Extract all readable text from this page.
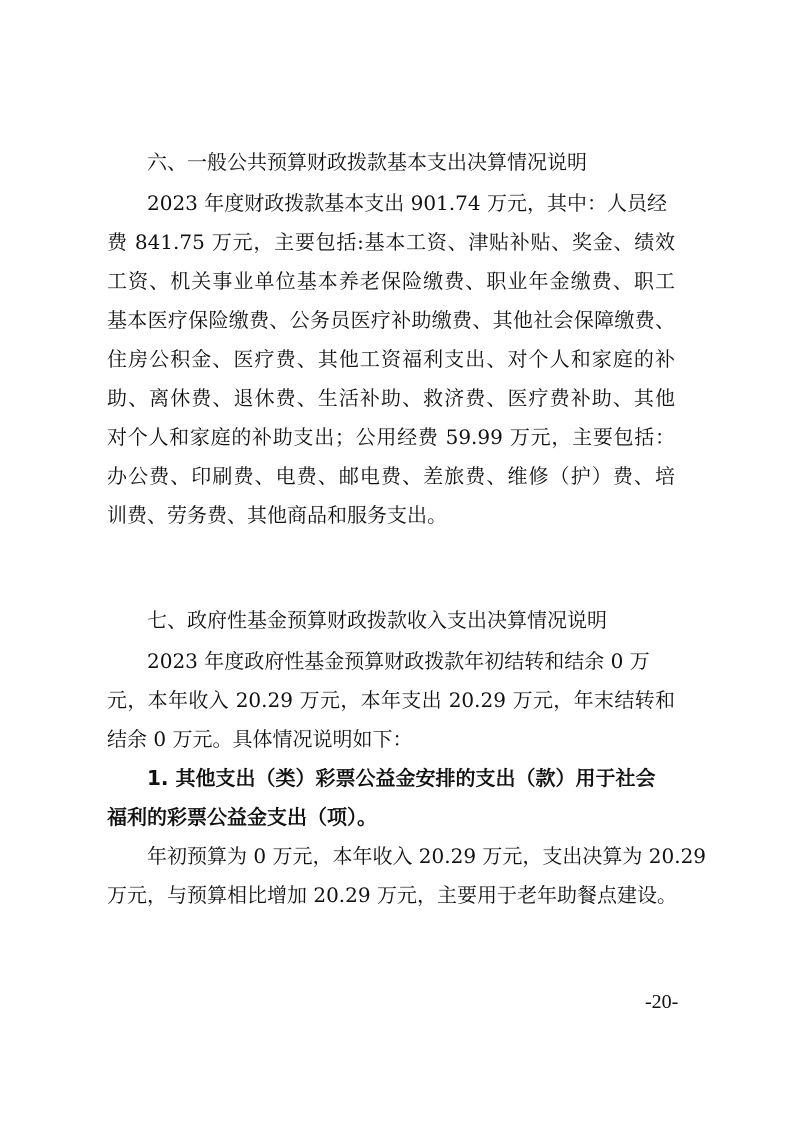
六、一般公共预算财政拨款基本支出决算情况说明
2023 年度财政拨款基本支出 901.74 万元，其中：人员经
费 841.75 万元，主要包括:基本工资、津贴补贴、奖金、绩效
工资、机关事业单位基本养老保险缴费、职业年金缴费、职工
基本医疗保险缴费、公务员医疗补助缴费、其他社会保障缴费、
住房公积金、医疗费、其他工资福利支出、对个人和家庭的补
助、离休费、退休费、生活补助、救济费、医疗费补助、其他
对个人和家庭的补助支出；公用经费 59.99 万元，主要包括：
办公费、印刷费、电费、邮电费、差旅费、维修（护）费、培
训费、劳务费、其他商品和服务支出。
七、政府性基金预算财政拨款收入支出决算情况说明
2023 年度政府性基金预算财政拨款年初结转和结余 0 万
元，本年收入 20.29 万元，本年支出 20.29 万元，年末结转和
结余 0 万元。具体情况说明如下：
1. 其他支出（类）彩票公益金安排的支出（款）用于社会
福利的彩票公益金支出（项）。
年初预算为 0 万元，本年收入 20.29 万元，支出决算为 20.29
万元，与预算相比增加 20.29 万元，主要用于老年助餐点建设。
-20-
